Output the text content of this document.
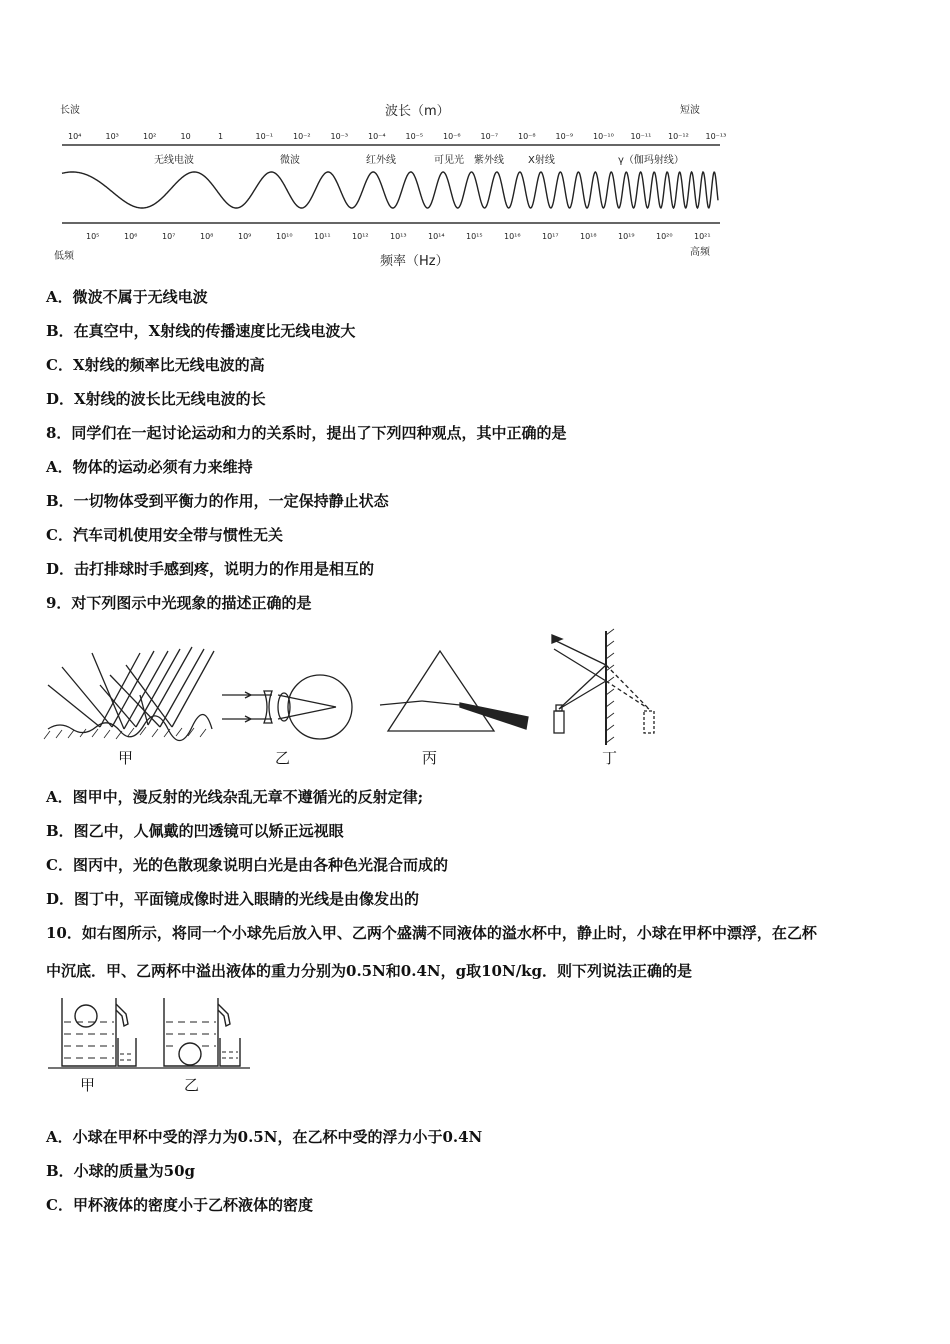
长波	波长（m）	短波
10⁴	10³	10²	10	1	10⁻¹ 10⁻² 10⁻³ 10⁻⁴ 10⁻⁵ 10⁻⁶ 10⁻⁷ 10⁻⁸ 10⁻⁹ 10⁻¹⁰ 10⁻¹¹ 10⁻¹² 10⁻¹³
无线电波	微波	红外线	可见光 紫外线 X射线	γ（伽玛射线）
10⁵	10⁶	10⁷	10⁸	10⁹	10¹⁰	10¹¹	10¹²	10¹³	10¹⁴	10¹⁵	10¹⁶	10¹⁷	10¹⁸	10¹⁹	10²⁰	10²¹
低频	频率（Hz）
高频
A．微波不属于无线电波
B．在真空中，X射线的传播速度比无线电波大
C．X射线的频率比无线电波的高
D．X射线的波长比无线电波的长
8．同学们在一起讨论运动和力的关系时，提出了下列四种观点，其中正确的是
A．物体的运动必须有力来维持
B．一切物体受到平衡力的作用，一定保持静止状态
C．汽车司机使用安全带与惯性无关
D．击打排球时手感到疼，说明力的作用是相互的
9．对下列图示中光现象的描述正确的是
甲	乙	丙	丁
A．图甲中，漫反射的光线杂乱无章不遵循光的反射定律;
B．图乙中，人佩戴的凹透镜可以矫正远视眼
C．图丙中，光的色散现象说明白光是由各种色光混合而成的
D．图丁中，平面镜成像时进入眼睛的光线是由像发出的
10．如右图所示，将同一个小球先后放入甲、乙两个盛满不同液体的溢水杯中，静止时，小球在甲杯中漂浮，在乙杯
中沉底．甲、乙两杯中溢出液体的重力分别为0.5N和0.4N，g取10N/kg．则下列说法正确的是
甲	乙
A．小球在甲杯中受的浮力为0.5N，在乙杯中受的浮力小于0.4N
B．小球的质量为50g
C．甲杯液体的密度小于乙杯液体的密度
